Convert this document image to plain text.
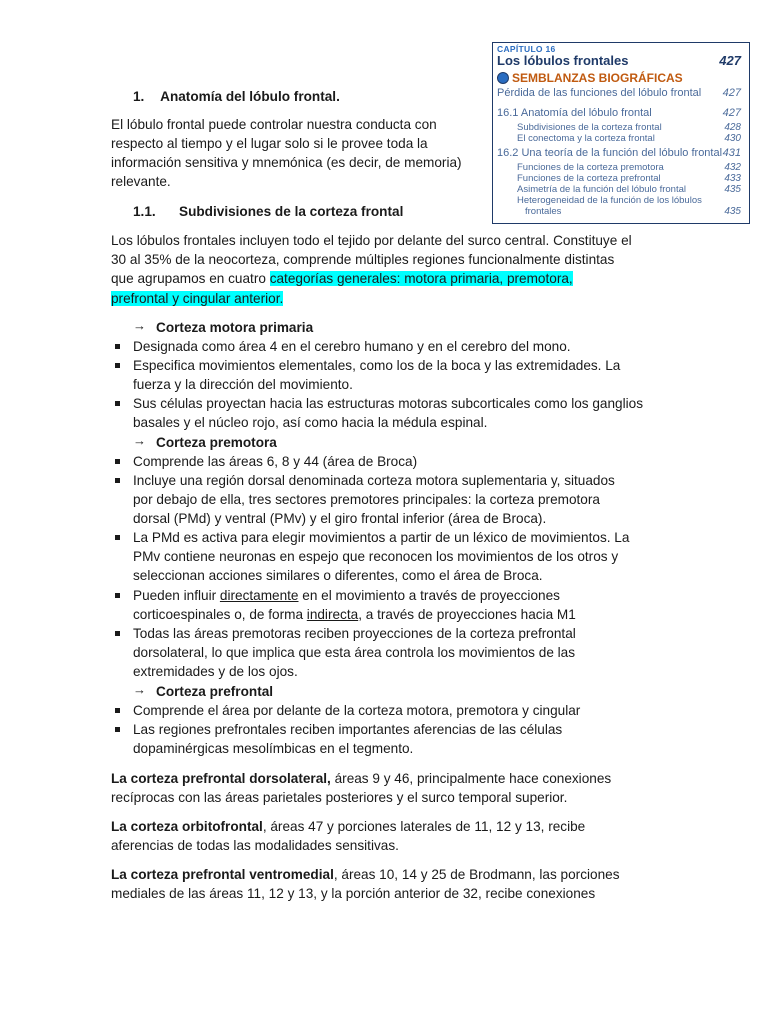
CAPÍTULO 16
Los lóbulos frontales	427
SEMBLANZAS BIOGRÁFICAS
Pérdida de las funciones del lóbulo frontal 427
16.1 Anatomía del lóbulo frontal	427
Subdivisiones de la corteza frontal	428
El conectoma y la corteza frontal	430
16.2 Una teoría de la función del lóbulo frontal 431
Funciones de la corteza premotora	432
Funciones de la corteza prefrontal	433
Asimetría de la función del lóbulo frontal	435
Heterogeneidad de la función de los lóbulos
frontales	435
1. Anatomía del lóbulo frontal.
El lóbulo frontal puede controlar nuestra conducta con
respecto al tiempo y el lugar solo si le provee toda la
información sensitiva y mnemónica (es decir, de memoria)
relevante.
1.1. Subdivisiones de la corteza frontal
Los lóbulos frontales incluyen todo el tejido por delante del surco central. Constituye el
30 al 35% de la neocorteza, comprende múltiples regiones funcionalmente distintas
que agrupamos en cuatro categorías generales: motora primaria, premotora,
prefrontal y cingular anterior.
→ Corteza motora primaria
Designada como área 4 en el cerebro humano y en el cerebro del mono.
Especifica movimientos elementales, como los de la boca y las extremidades. La
fuerza y la dirección del movimiento.
Sus células proyectan hacia las estructuras motoras subcorticales como los ganglios
basales y el núcleo rojo, así como hacia la médula espinal.
→ Corteza premotora
Comprende las áreas 6, 8 y 44 (área de Broca)
Incluye una región dorsal denominada corteza motora suplementaria y, situados
por debajo de ella, tres sectores premotores principales: la corteza premotora
dorsal (PMd) y ventral (PMv) y el giro frontal inferior (área de Broca).
La PMd es activa para elegir movimientos a partir de un léxico de movimientos. La
PMv contiene neuronas en espejo que reconocen los movimientos de los otros y
seleccionan acciones similares o diferentes, como el área de Broca.
Pueden influir directamente en el movimiento a través de proyecciones
corticoespinales o, de forma indirecta, a través de proyecciones hacia M1
Todas las áreas premotoras reciben proyecciones de la corteza prefrontal
dorsolateral, lo que implica que esta área controla los movimientos de las
extremidades y de los ojos.
→ Corteza prefrontal
Comprende el área por delante de la corteza motora, premotora y cingular
Las regiones prefrontales reciben importantes aferencias de las células
dopaminérgicas mesolímbicas en el tegmento.
La corteza prefrontal dorsolateral, áreas 9 y 46, principalmente hace conexiones
recíprocas con las áreas parietales posteriores y el surco temporal superior.
La corteza orbitofrontal, áreas 47 y porciones laterales de 11, 12 y 13, recibe
aferencias de todas las modalidades sensitivas.
La corteza prefrontal ventromedial, áreas 10, 14 y 25 de Brodmann, las porciones
mediales de las áreas 11, 12 y 13, y la porción anterior de 32, recibe conexiones
